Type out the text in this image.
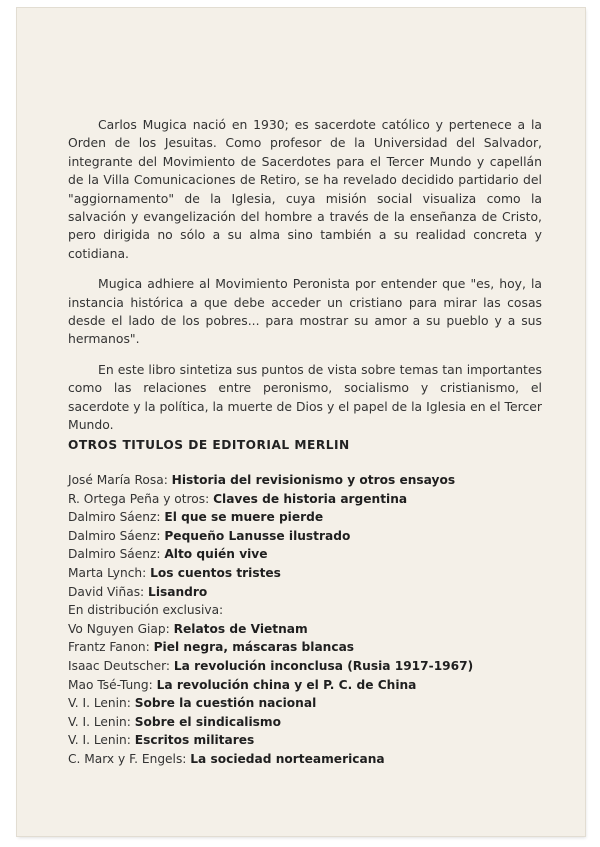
Carlos Mugica nació en 1930; es sacerdote católico y pertenece a la Orden de los Jesuitas. Como profesor de la Universidad del Salvador, integrante del Movimiento de Sacerdotes para el Tercer Mundo y capellán de la Villa Comunicaciones de Retiro, se ha revelado decidido partidario del "aggiornamento" de la Iglesia, cuya misión social visualiza como la salvación y evangelización del hombre a través de la enseñanza de Cristo, pero dirigida no sólo a su alma sino también a su realidad concreta y cotidiana.

Mugica adhiere al Movimiento Peronista por entender que "es, hoy, la instancia histórica a que debe acceder un cristiano para mirar las cosas desde el lado de los pobres... para mostrar su amor a su pueblo y a sus hermanos".

En este libro sintetiza sus puntos de vista sobre temas tan importantes como las relaciones entre peronismo, socialismo y cristianismo, el sacerdote y la política, la muerte de Dios y el papel de la Iglesia en el Tercer Mundo.

OTROS TITULOS DE EDITORIAL MERLIN
José María Rosa: Historia del revisionismo y otros ensayos
R. Ortega Peña y otros: Claves de historia argentina
Dalmiro Sáenz: El que se muere pierde
Dalmiro Sáenz: Pequeño Lanusse ilustrado
Dalmiro Sáenz: Alto quién vive
Marta Lynch: Los cuentos tristes
David Viñas: Lisandro
En distribución exclusiva:
Vo Nguyen Giap: Relatos de Vietnam
Frantz Fanon: Piel negra, máscaras blancas
Isaac Deutscher: La revolución inconclusa (Rusia 1917-1967)
Mao Tsé-Tung: La revolución china y el P. C. de China
V. I. Lenin: Sobre la cuestión nacional
V. I. Lenin: Sobre el sindicalismo
V. I. Lenin: Escritos militares
C. Marx y F. Engels: La sociedad norteamericana
